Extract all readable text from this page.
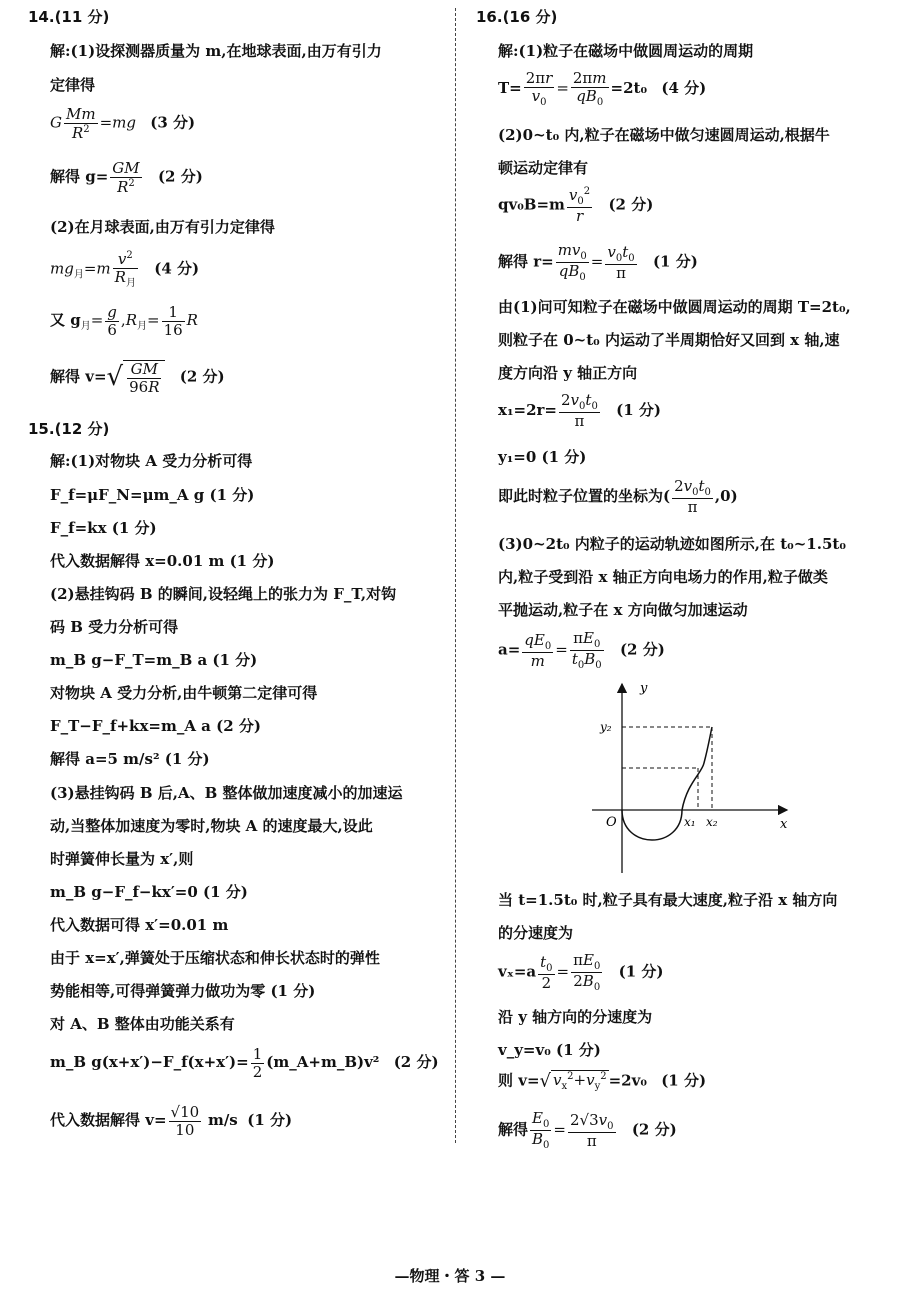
14.(11 分)
解:(1)设探测器质量为 m,在地球表面,由万有引力
定律得
G $\frac{Mm}{R^2} =mg$ (3 分)
解得 $g= \frac{GM}{R^2} (2$ 分)
(2)在月球表面,由万有引力定律得
$mg_月=m \frac{v^2}{R_月} (4$ 分)
又 $g_月= \frac{g}{6} ,R_月= \frac{1}{16}$ R
解得 $v=√ \frac{GM}{96R} (2$ 分)
15.(12 分)
解:(1)对物块 A 受力分析可得
F_f=μF_N=μm_A g (1 分)
F_f=kx (1 分)
代入数据解得 x=0.01 m (1 分)
(2)悬挂钩码 B 的瞬间,设轻绳上的张力为 F_T,对钩
码 B 受力分析可得
m_B g−F_T=m_B a (1 分)
对物块 A 受力分析,由牛顿第二定律可得
F_T−F_f+kx=m_A a (2 分)
解得 a=5 m/s² (1 分)
(3)悬挂钩码 B 后,A、B 整体做加速度减小的加速运
动,当整体加速度为零时,物块 A 的速度最大,设此
时弹簧伸长量为 x′,则
m_B g−F_f−kx′=0 (1 分)
代入数据可得 x′=0.01 m
由于 x=x′,弹簧处于压缩状态和伸长状态时的弹性
势能相等,可得弹簧弹力做功为零 (1 分)
对 A、B 整体由功能关系有
m_B g(x+x′)−F_f(x+x′)= $\frac{1}{2}$ (m_A+m_B)v² (2 分)
代入数据解得 $v= \frac{√10}{10} m/s$ (1 分)
16.(16 分)
解:(1)粒子在磁场中做圆周运动的周期
$T= \frac{2\pi r}{v_0} = \frac{2\pi m}{qB_0} =2t_0$ (4 分)
(2)0~t₀ 内,粒子在磁场中做匀速圆周运动,根据牛
顿运动定律有
$qv_0B=m \frac{v_0^2}{r} (2$ 分)
解得 $r= \frac{mv_0}{qB_0} = \frac{v_0t_0}{\pi} (1$ 分)
由(1)问可知粒子在磁场中做圆周运动的周期 T=2t₀,
则粒子在 0~t₀ 内运动了半周期恰好又回到 x 轴,速
度方向沿 y 轴正方向
$x_1=2r= \frac{2v_0t_0}{\pi} (1$ 分)
y₁=0 (1 分)
即此时粒子位置的坐标为( $\frac{2v_0t_0}{\pi} ,0$)
(3)0~2t₀ 内粒子的运动轨迹如图所示,在 t₀~1.5t₀
内,粒子受到沿 x 轴正方向电场力的作用,粒子做类
平抛运动,粒子在 x 方向做匀加速运动
$a= \frac{qE_0}{m} = \frac{\pi E_0}{t_0B_0} (2$ 分)
y
x
O
y₂
x₁ x₂
当 t=1.5t₀ 时,粒子具有最大速度,粒子沿 x 轴方向
的分速度为
$v_x=a \frac{t_0}{2} = \frac{\pi E_0}{2B_0} (1$ 分)
沿 y 轴方向的分速度为
v_y=v₀ (1 分)
则 v=√ $v_x^2+v_y^2 =2v_0$ (1 分)
解得 $\frac{E_0}{B_0} = \frac{2√3v_0}{\pi} (2$ 分)
—物理・答 3 —
